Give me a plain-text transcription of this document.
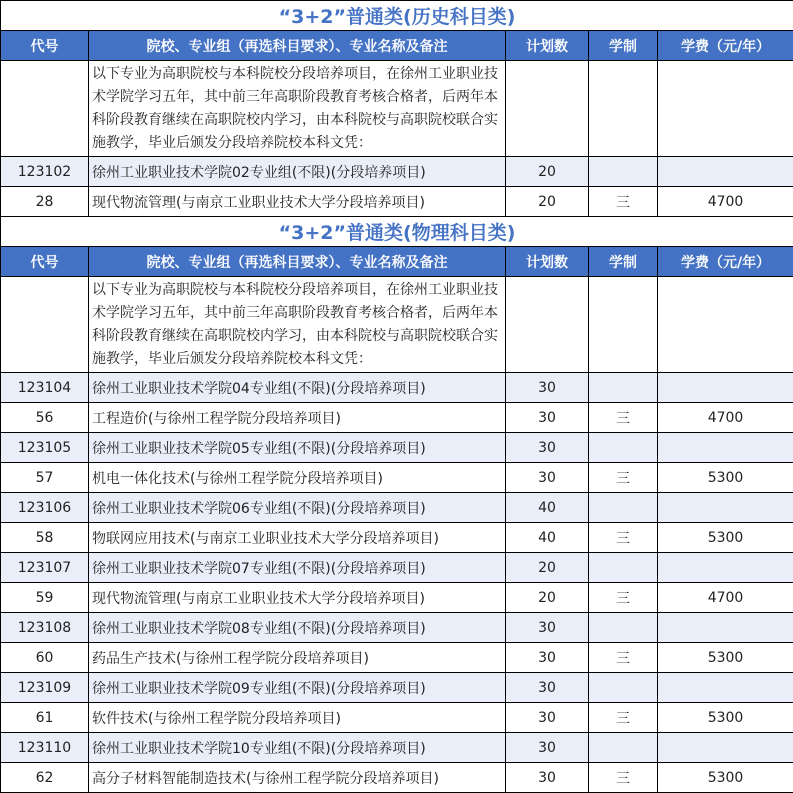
“3+2”普通类(历史科目类)				
代号	院校、专业组（再选科目要求）、专业名称及备注	计划数	学制	学费（元/年）

	以下专业为高职院校与本科院校分段培养项目，在徐州工业职业技术学院学习五年，其中前三年高职阶段教育考核合格者，后两年本科阶段教育继续在高职院校内学习，由本科院校与高职院校联合实施教学，毕业后颁发分段培养院校本科文凭：			

123102	徐州工业职业技术学院02专业组(不限)(分段培养项目)	20		
28	现代物流管理(与南京工业职业技术大学分段培养项目)	20	三	4700
“3+2”普通类(物理科目类)				
代号	院校、专业组（再选科目要求）、专业名称及备注	计划数	学制	学费（元/年）

	以下专业为高职院校与本科院校分段培养项目，在徐州工业职业技术学院学习五年，其中前三年高职阶段教育考核合格者，后两年本科阶段教育继续在高职院校内学习，由本科院校与高职院校联合实施教学，毕业后颁发分段培养院校本科文凭：			

123104	徐州工业职业技术学院04专业组(不限)(分段培养项目)	30		
56	工程造价(与徐州工程学院分段培养项目)	30	三	4700
123105	徐州工业职业技术学院05专业组(不限)(分段培养项目)	30		
57	机电一体化技术(与徐州工程学院分段培养项目)	30	三	5300
123106	徐州工业职业技术学院06专业组(不限)(分段培养项目)	40		
58	物联网应用技术(与南京工业职业技术大学分段培养项目)	40	三	5300
123107	徐州工业职业技术学院07专业组(不限)(分段培养项目)	20		
59	现代物流管理(与南京工业职业技术大学分段培养项目)	20	三	4700
123108	徐州工业职业技术学院08专业组(不限)(分段培养项目)	30		
60	药品生产技术(与徐州工程学院分段培养项目)	30	三	5300
123109	徐州工业职业技术学院09专业组(不限)(分段培养项目)	30		
61	软件技术(与徐州工程学院分段培养项目)	30	三	5300
123110	徐州工业职业技术学院10专业组(不限)(分段培养项目)	30		
62	高分子材料智能制造技术(与徐州工程学院分段培养项目)	30	三	5300
